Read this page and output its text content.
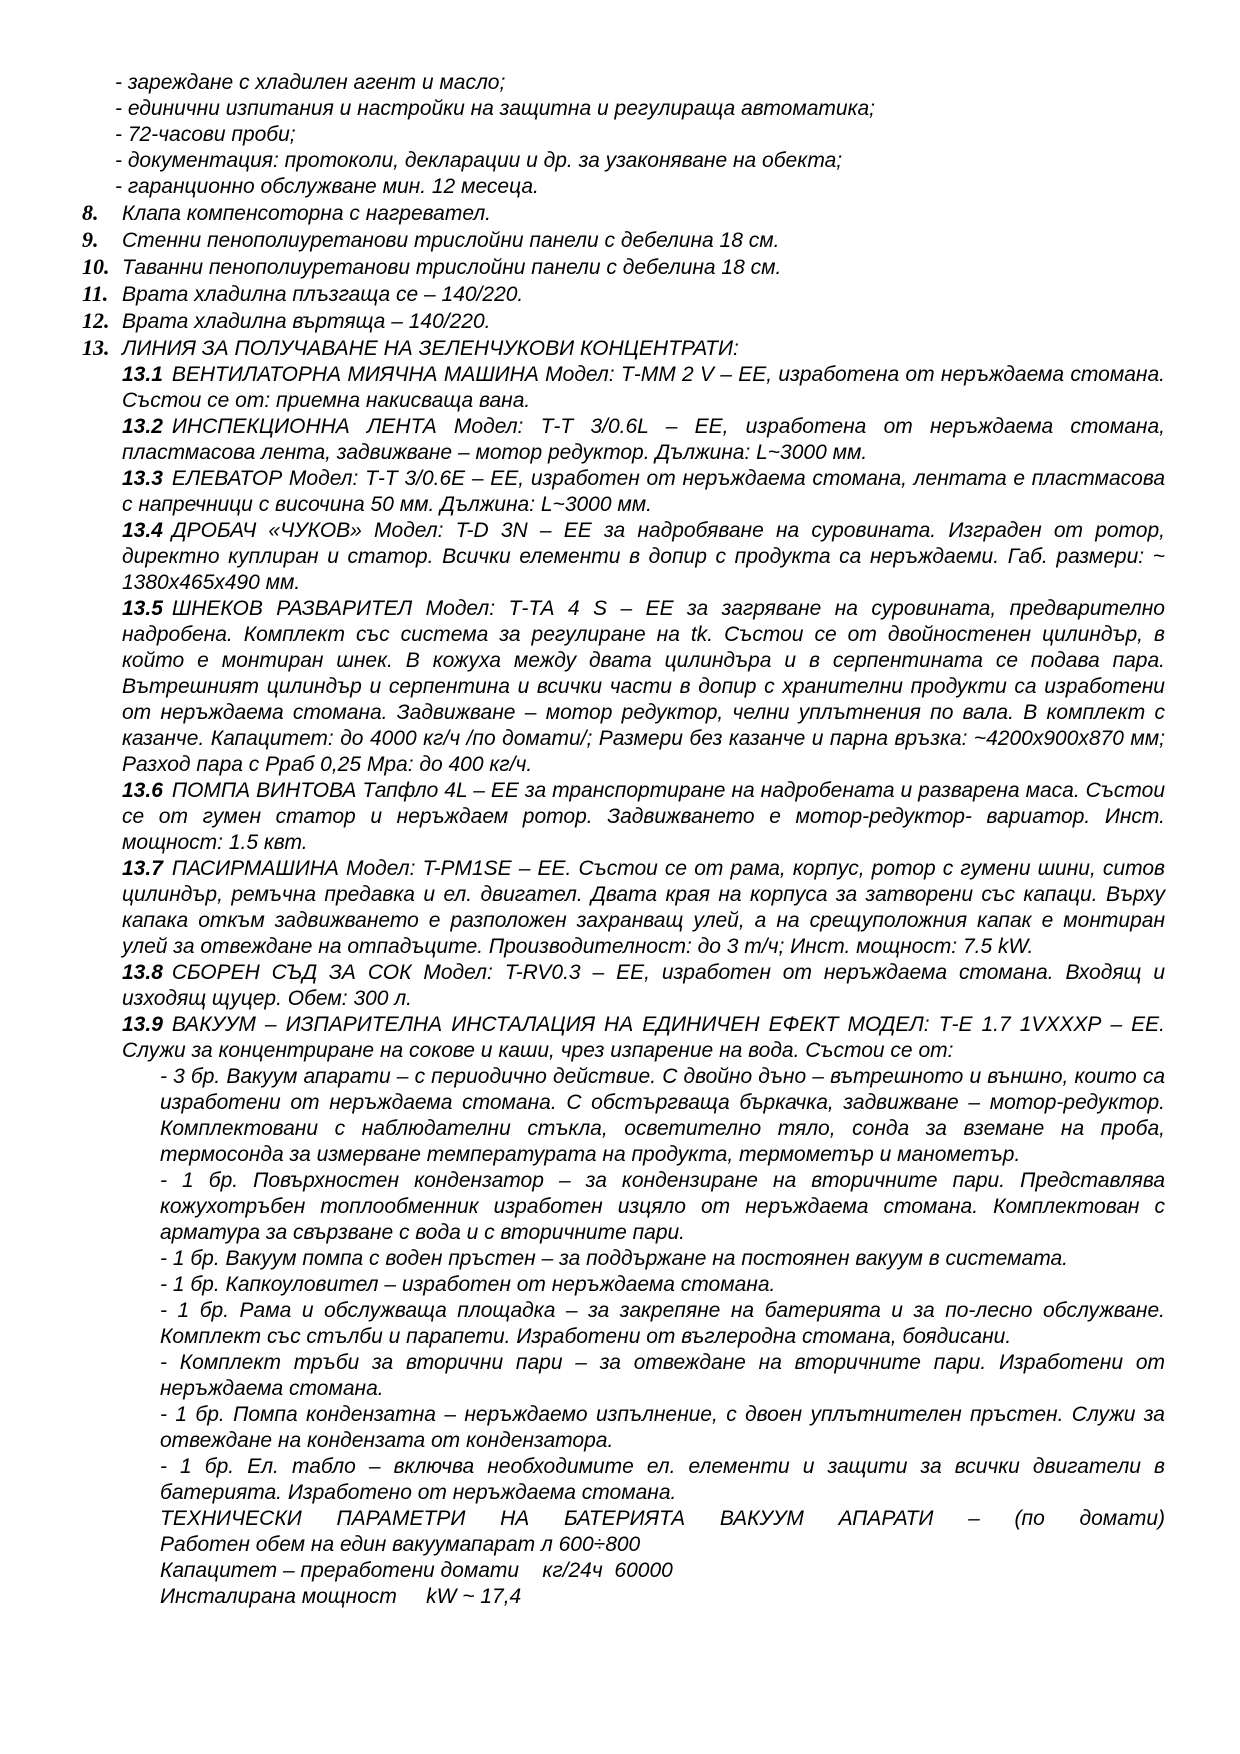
- зареждане с хладилен агент и масло;

- единични изпитания и настройки на защитна и регулираща автоматика;

- 72-часови проби;

- документация: протоколи, декларации и др. за узаконяване на обекта;

- гаранционно обслужване мин. 12 месеца.

8.	Клапа компенсоторна с нагревател.
9.	Стенни пенополиуретанови трислойни панели с дебелина 18 см.
10. Таванни пенополиуретанови трислойни панели с дебелина 18 см.
11. Врата хладилна плъзгаща се – 140/220.
12. Врата хладилна въртяща – 140/220.
13. ЛИНИЯ ЗА ПОЛУЧАВАНЕ НА ЗЕЛЕНЧУКОВИ КОНЦЕНТРАТИ:

13.1 ВЕНТИЛАТОРНА МИЯЧНА МАШИНА Модел: Т-ММ 2 V – ЕЕ, изработена от неръждаема стомана. Състои се от: приемна накисваща вана.

13.2 ИНСПЕКЦИОННА ЛЕНТА Модел: Т-Т 3/0.6L – ЕЕ, изработена от неръждаема стомана, пластмасова лента, задвижване – мотор редуктор. Дължина: L~3000 мм.

13.3 ЕЛЕВАТОР Модел: Т-Т 3/0.6Е – ЕЕ, изработен от неръждаема стомана, лентата е пластмасова с напречници с височина 50 мм. Дължина: L~3000 мм.

13.4 ДРОБАЧ «ЧУКОВ» Модел: T-D 3N – ЕЕ за надробяване на суровината. Изграден от ротор, директно куплиран и статор. Всички елементи в допир с продукта са неръждаеми. Габ. размери: ~ 1380х465х490 мм.

13.5 ШНЕКОВ РАЗВАРИТЕЛ Модел: Т-ТА 4 S – ЕЕ за загряване на суровината, предварително надробена. Комплект със система за регулиране на tk. Състои се от двойностенен цилиндър, в който е монтиран шнек. В кожуха между двата цилиндъра и в серпентината се подава пара. Вътрешният цилиндър и серпентина и всички части в допир с хранителни продукти са изработени от неръждаема стомана. Задвижване – мотор редуктор, челни уплътнения по вала. В комплект с казанче. Капацитет: до 4000 кг/ч /по домати/; Размери без казанче и парна връзка: ~4200х900х870 мм; Разход пара с Рраб 0,25 Мра: до 400 кг/ч.

13.6 ПОМПА ВИНТОВА Тапфло 4L – ЕЕ за транспортиране на надробената и разварена маса. Състои се от гумен статор и неръждаем ротор. Задвижването е мотор-редуктор- вариатор. Инст. мощност: 1.5 квт.

13.7 ПАСИРМАШИНА Модел: T-PM1SE – ЕЕ. Състои се от рама, корпус, ротор с гумени шини, ситов цилиндър, ремъчна предавка и ел. двигател. Двата края на корпуса за затворени със капаци. Върху капака откъм задвижването е разположен захранващ улей, а на срещуположния капак е монтиран улей за отвеждане на отпадъците. Производителност: до 3 т/ч; Инст. мощност: 7.5 kW.

13.8 СБОРЕН СЪД ЗА СОК Модел: T-RV0.3 – ЕЕ, изработен от неръждаема стомана. Входящ и изходящ щуцер. Обем: 300 л.

13.9 ВАКУУМ – ИЗПАРИТЕЛНА ИНСТАЛАЦИЯ НА ЕДИНИЧЕН ЕФЕКТ МОДЕЛ: Т-Е 1.7 1VХХХР – ЕЕ. Служи за концентриране на сокове и каши, чрез изпарение на вода. Състои се от:

- 3 бр. Вакуум апарати – с периодично действие. С двойно дъно – вътрешното и външно, които са изработени от неръждаема стомана. С обстъргваща бъркачка, задвижване – мотор-редуктор. Комплектовани с наблюдателни стъкла, осветително тяло, сонда за вземане на проба, термосонда за измерване температурата на продукта, термометър и манометър.

- 1 бр. Повърхностен кондензатор – за кондензиране на вторичните пари. Представлява кожухотръбен топлообменник изработен изцяло от неръждаема стомана. Комплектован с арматура за свързване с вода и с вторичните пари.

- 1 бр. Вакуум помпа с воден пръстен – за поддържане на постоянен вакуум в системата.

- 1 бр. Капкоуловител – изработен от неръждаема стомана.

- 1 бр. Рама и обслужваща площадка – за закрепяне на батерията и за по-лесно обслужване. Комплект със стълби и парапети. Изработени от въглеродна стомана, боядисани.

- Комплект тръби за вторични пари – за отвеждане на вторичните пари. Изработени от неръждаема стомана.

- 1 бр. Помпа кондензатна – неръждаемо изпълнение, с двоен уплътнителен пръстен. Служи за отвеждане на кондензата от кондензатора.

- 1 бр. Ел. табло – включва необходимите ел. елементи и защити за всички двигатели в батерията. Изработено от неръждаема стомана.

ТЕХНИЧЕСКИ ПАРАМЕТРИ НА БАТЕРИЯТА ВАКУУМ АПАРАТИ – (по домати)

Работен обем на един вакуумапарат л 600÷800

Капацитет – преработени домати    кг/24ч  60000

Инсталирана мощност     kW ~ 17,4
